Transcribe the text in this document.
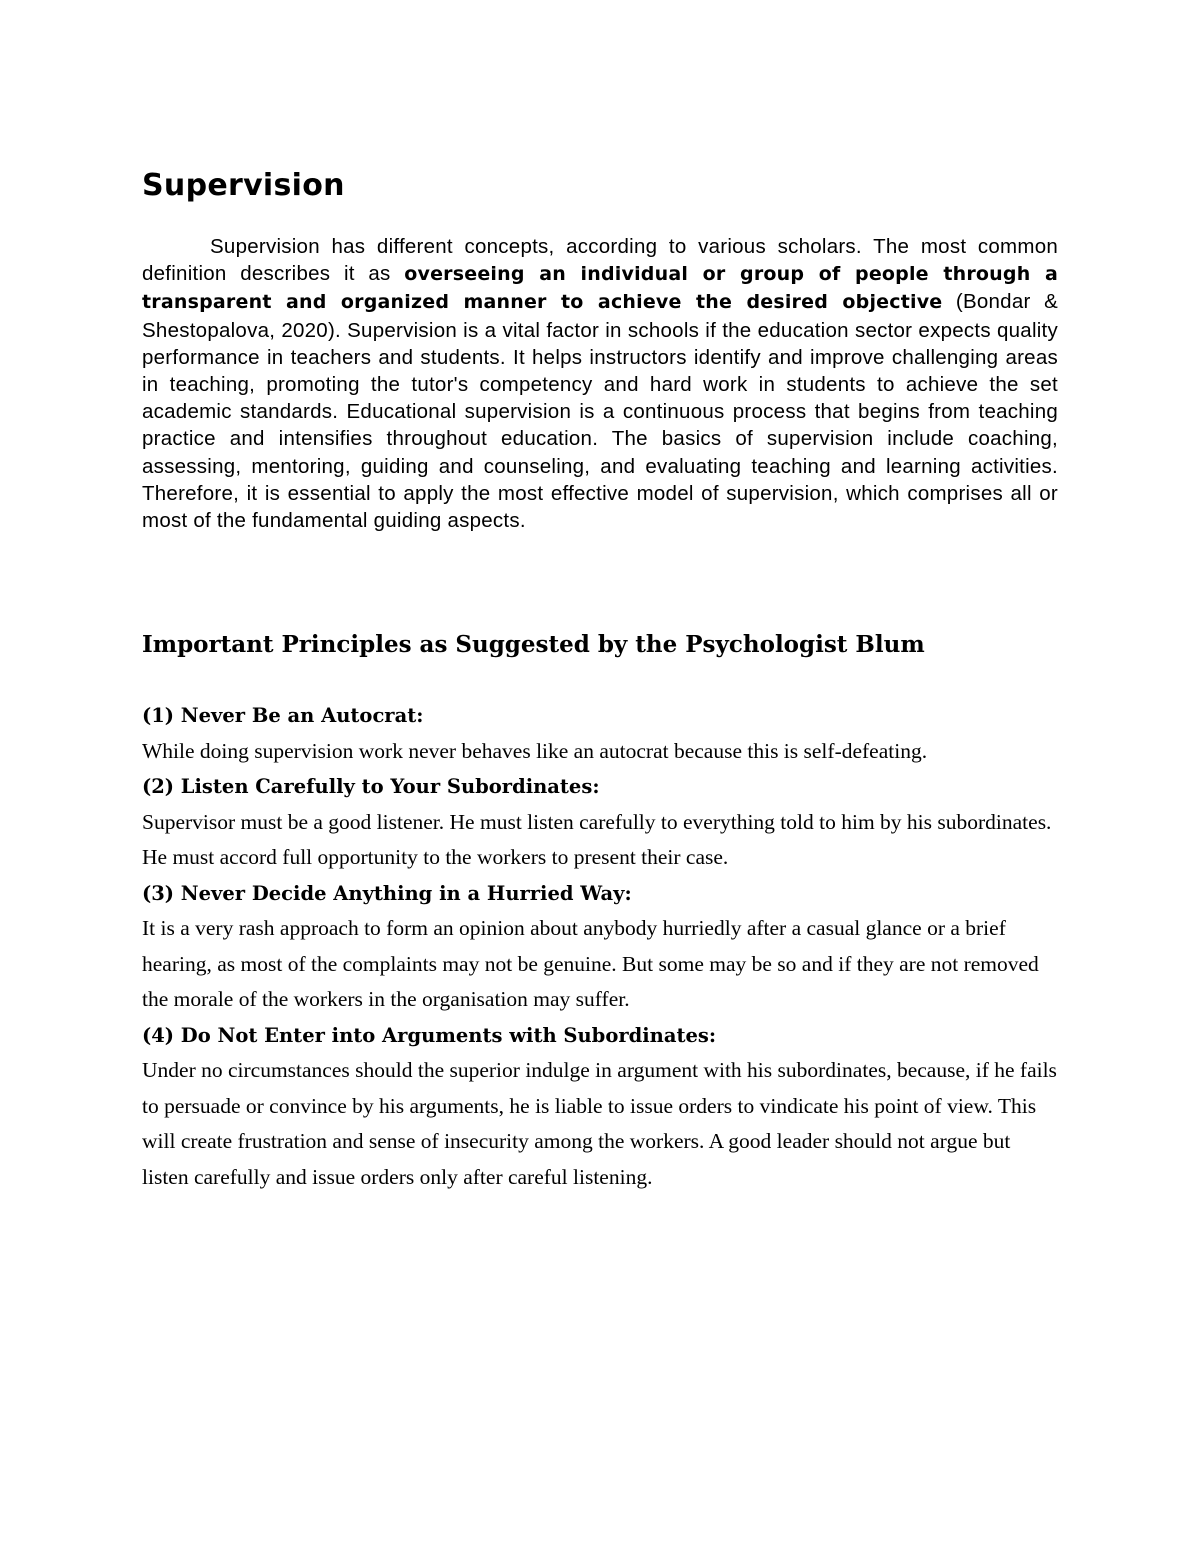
Supervision

Supervision has different concepts, according to various scholars. The most common definition describes it as overseeing an individual or group of people through a transparent and organized manner to achieve the desired objective (Bondar & Shestopalova, 2020). Supervision is a vital factor in schools if the education sector expects quality performance in teachers and students. It helps instructors identify and improve challenging areas in teaching, promoting the tutor's competency and hard work in students to achieve the set academic standards. Educational supervision is a continuous process that begins from teaching practice and intensifies throughout education. The basics of supervision include coaching, assessing, mentoring, guiding and counseling, and evaluating teaching and learning activities. Therefore, it is essential to apply the most effective model of supervision, which comprises all or most of the fundamental guiding aspects.

Important Principles as Suggested by the Psychologist Blum

(1) Never Be an Autocrat:

While doing supervision work never behaves like an autocrat because this is self-defeating.

(2) Listen Carefully to Your Subordinates:

Supervisor must be a good listener. He must listen carefully to everything told to him by his subordinates. He must accord full opportunity to the workers to present their case.

(3) Never Decide Anything in a Hurried Way:

It is a very rash approach to form an opinion about anybody hurriedly after a casual glance or a brief hearing, as most of the complaints may not be genuine. But some may be so and if they are not removed the morale of the workers in the organisation may suffer.

(4) Do Not Enter into Arguments with Subordinates:

Under no circumstances should the superior indulge in argument with his subordinates, because, if he fails to persuade or convince by his arguments, he is liable to issue orders to vindicate his point of view. This will create frustration and sense of insecurity among the workers. A good leader should not argue but listen carefully and issue orders only after careful listening.
